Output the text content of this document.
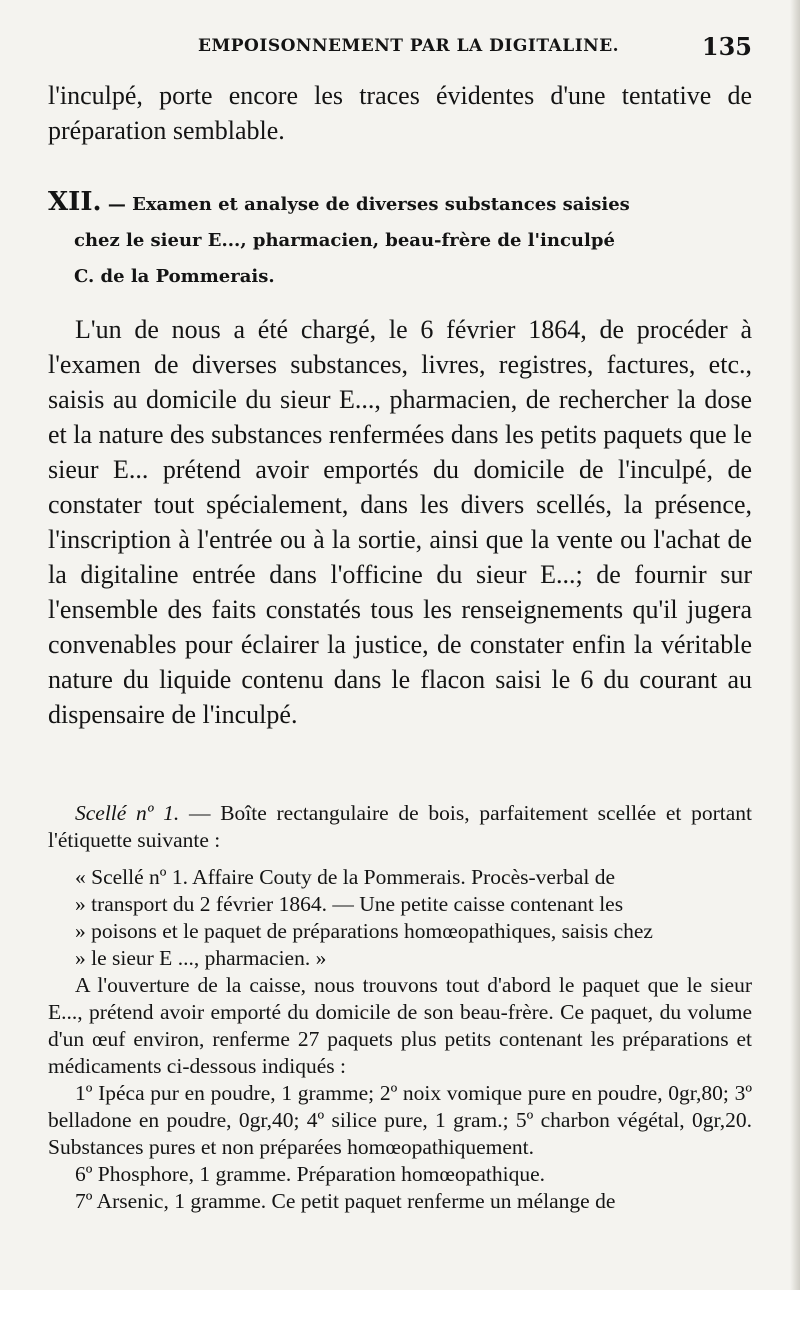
EMPOISONNEMENT PAR LA DIGITALINE.	135

l'inculpé, porte encore les traces évidentes d'une tentative de

préparation semblable.

XII. — Examen et analyse de diverses substances saisies
chez le sieur E..., pharmacien, beau-frère de l'inculpé
C. de la Pommerais.

L'un de nous a été chargé, le 6 février 1864, de procéder à l'examen de diverses substances, livres, registres, factures, etc., saisis au domicile du sieur E..., pharmacien, de rechercher la dose et la nature des substances renfermées dans les petits paquets que le sieur E... prétend avoir emportés du domicile de l'inculpé, de constater tout spécialement, dans les divers scellés, la présence, l'inscription à l'entrée ou à la sortie, ainsi que la vente ou l'achat de la digitaline entrée dans l'officine du sieur E...; de fournir sur l'ensemble des faits constatés tous les renseignements qu'il jugera convenables pour éclairer la justice, de constater enfin la véritable nature du liquide contenu dans le flacon saisi le 6 du courant au dispensaire de l'inculpé.

Scellé nº 1. — Boîte rectangulaire de bois, parfaitement scellée et portant l'étiquette suivante :

« Scellé nº 1. Affaire Couty de la Pommerais. Procès-verbal de
» transport du 2 février 1864. — Une petite caisse contenant les
» poisons et le paquet de préparations homœopathiques, saisis chez
» le sieur E ..., pharmacien. »

A l'ouverture de la caisse, nous trouvons tout d'abord le paquet que le sieur E..., prétend avoir emporté du domicile de son beau-frère. Ce paquet, du volume d'un œuf environ, renferme 27 paquets plus petits contenant les préparations et médicaments ci-dessous indiqués :

1º Ipéca pur en poudre, 1 gramme; 2º noix vomique pure en poudre, 0gr,80; 3º belladone en poudre, 0gr,40; 4º silice pure, 1 gram.; 5º charbon végétal, 0gr,20. Substances pures et non préparées homœopathiquement.

6º Phosphore, 1 gramme. Préparation homœopathique.

7º Arsenic, 1 gramme. Ce petit paquet renferme un mélange de
